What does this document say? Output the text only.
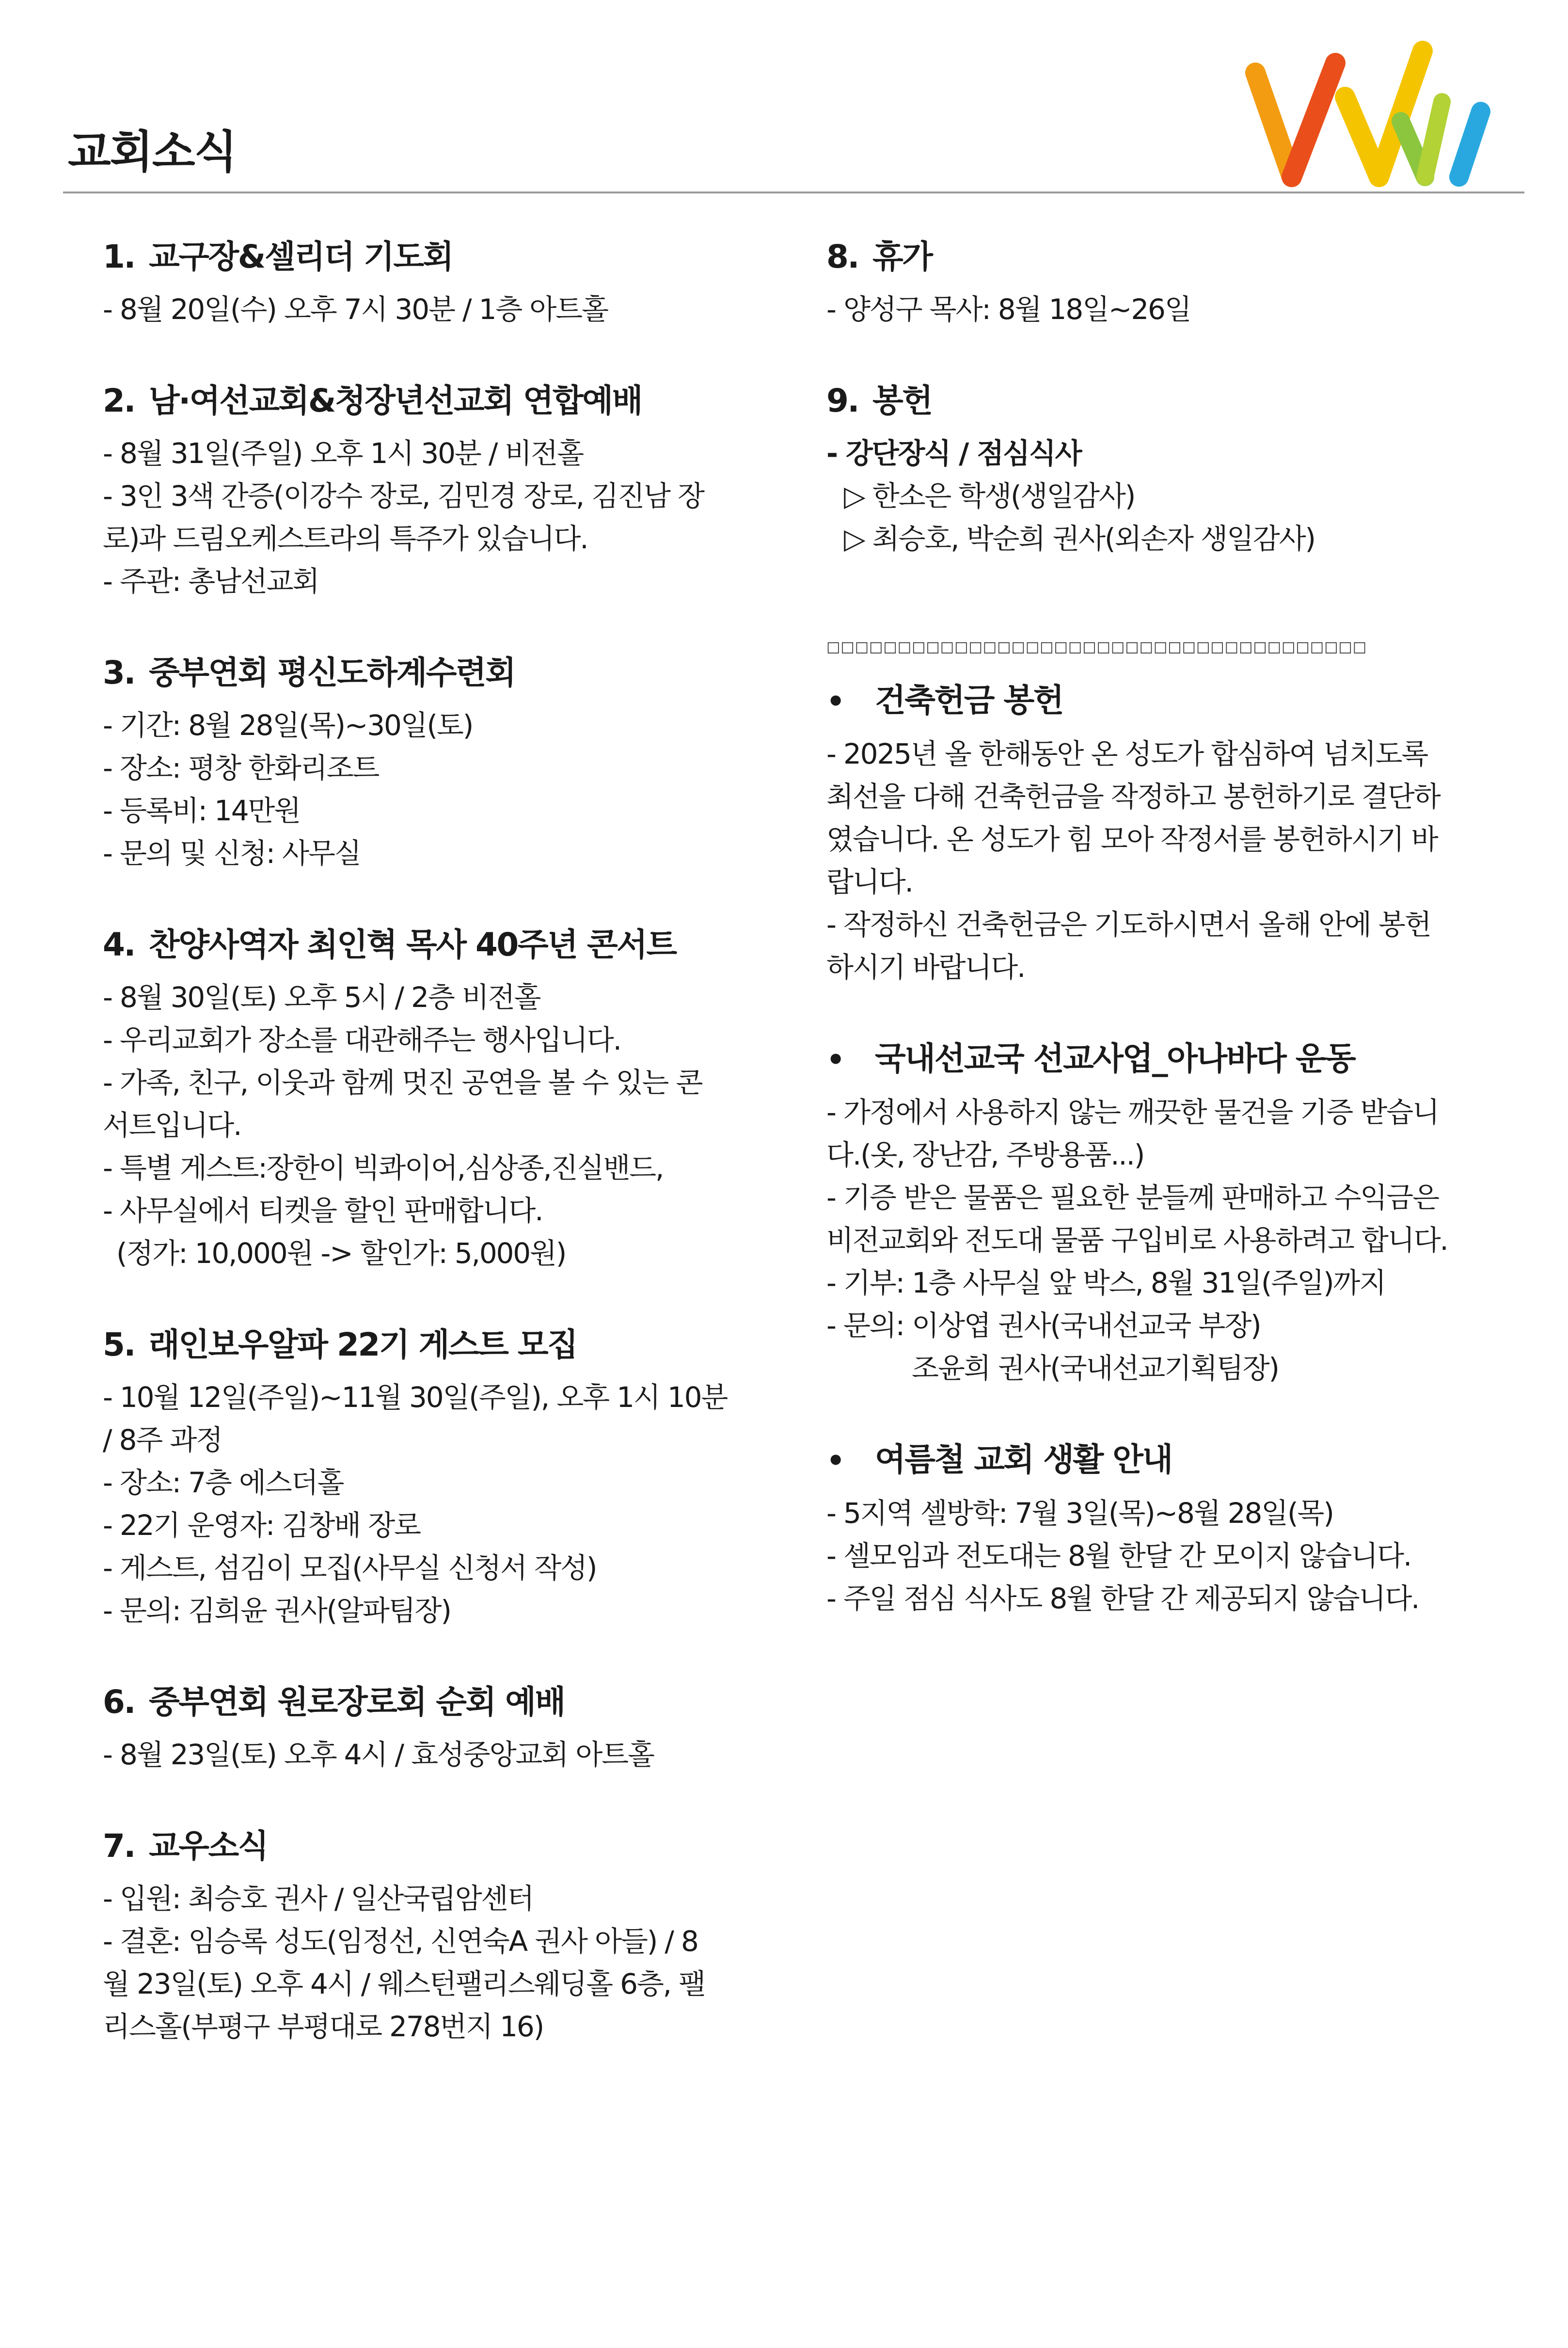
교회소식
1. 교구장&셀리더 기도회
- 8월 20일(수) 오후 7시 30분 / 1층 아트홀
2. 남·여선교회&청장년선교회 연합예배
- 8월 31일(주일) 오후 1시 30분 / 비전홀
- 3인 3색 간증(이강수 장로, 김민경 장로, 김진남 장
로)과 드림오케스트라의 특주가 있습니다.
- 주관: 총남선교회
3. 중부연회 평신도하계수련회
- 기간: 8월 28일(목)~30일(토)
- 장소: 평창 한화리조트
- 등록비: 14만원
- 문의 및 신청: 사무실
4. 찬양사역자 최인혁 목사 40주년 콘서트
- 8월 30일(토) 오후 5시 / 2층 비전홀
- 우리교회가 장소를 대관해주는 행사입니다.
- 가족, 친구, 이웃과 함께 멋진 공연을 볼 수 있는 콘
서트입니다.
- 특별 게스트:장한이 빅콰이어,심상종,진실밴드,
- 사무실에서 티켓을 할인 판매합니다.
(정가: 10,000원 -> 할인가: 5,000원)
5. 래인보우알파 22기 게스트 모집
- 10월 12일(주일)~11월 30일(주일), 오후 1시 10분
/ 8주 과정
- 장소: 7층 에스더홀
- 22기 운영자: 김창배 장로
- 게스트, 섬김이 모집(사무실 신청서 작성)
- 문의: 김희윤 권사(알파팀장)
6. 중부연회 원로장로회 순회 예배
- 8월 23일(토) 오후 4시 / 효성중앙교회 아트홀
7. 교우소식
- 입원: 최승호 권사 / 일산국립암센터
- 결혼: 임승록 성도(임정선, 신연숙A 권사 아들) / 8
월 23일(토) 오후 4시 / 웨스턴팰리스웨딩홀 6층, 팰
리스홀(부평구 부평대로 278번지 16)
8. 휴가
- 양성구 목사: 8월 18일~26일
9. 봉헌
- 강단장식 / 점심식사
▷ 한소은 학생(생일감사)
▷ 최승호, 박순희 권사(외손자 생일감사)
□□□□□□□□□□□□□□□□□□□□□□□□□□□□□□□□□□□□□□
• 건축헌금 봉헌
- 2025년 올 한해동안 온 성도가 합심하여 넘치도록
최선을 다해 건축헌금을 작정하고 봉헌하기로 결단하
였습니다. 온 성도가 힘 모아 작정서를 봉헌하시기 바
랍니다.
- 작정하신 건축헌금은 기도하시면서 올해 안에 봉헌
하시기 바랍니다.
• 국내선교국 선교사업_아나바다 운동
- 가정에서 사용하지 않는 깨끗한 물건을 기증 받습니
다.(옷, 장난감, 주방용품...)
- 기증 받은 물품은 필요한 분들께 판매하고 수익금은
비전교회와 전도대 물품 구입비로 사용하려고 합니다.
- 기부: 1층 사무실 앞 박스, 8월 31일(주일)까지
- 문의: 이상엽 권사(국내선교국 부장)
조윤희 권사(국내선교기획팀장)
• 여름철 교회 생활 안내
- 5지역 셀방학: 7월 3일(목)~8월 28일(목)
- 셀모임과 전도대는 8월 한달 간 모이지 않습니다.
- 주일 점심 식사도 8월 한달 간 제공되지 않습니다.
